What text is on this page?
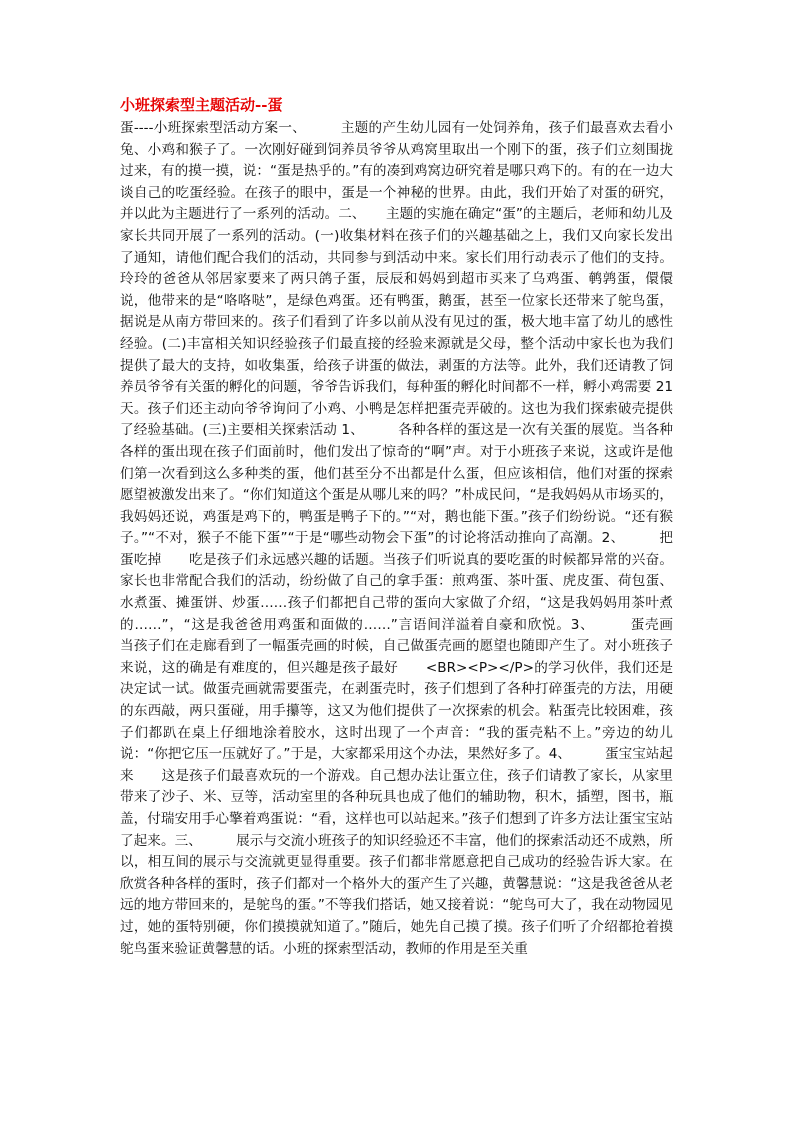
小班探索型主题活动--蛋

蛋----小班探索型活动方案一、　　　主题的产生幼儿园有一处饲养角，孩子们最喜欢去看小兔、小鸡和猴子了。一次刚好碰到饲养员爷爷从鸡窝里取出一个刚下的蛋，孩子们立刻围拢过来，有的摸一摸，说：“蛋是热乎的。”有的凑到鸡窝边研究着是哪只鸡下的。有的在一边大谈自己的吃蛋经验。在孩子的眼中，蛋是一个神秘的世界。由此，我们开始了对蛋的研究，并以此为主题进行了一系列的活动。二、　　主题的实施在确定“蛋”的主题后，老师和幼儿及家长共同开展了一系列的活动。(一)收集材料在孩子们的兴趣基础之上，我们又向家长发出了通知，请他们配合我们的活动，共同参与到活动中来。家长们用行动表示了他们的支持。玲玲的爸爸从邻居家要来了两只鸽子蛋，辰辰和妈妈到超市买来了乌鸡蛋、鹌鹑蛋，儇儇说，他带来的是“咯咯哒”，是绿色鸡蛋。还有鸭蛋，鹅蛋，甚至一位家长还带来了鸵鸟蛋，据说是从南方带回来的。孩子们看到了许多以前从没有见过的蛋，极大地丰富了幼儿的感性经验。(二)丰富相关知识经验孩子们最直接的经验来源就是父母，整个活动中家长也为我们提供了最大的支持，如收集蛋，给孩子讲蛋的做法，剥蛋的方法等。此外，我们还请教了饲养员爷爷有关蛋的孵化的问题，爷爷告诉我们，每种蛋的孵化时间都不一样，孵小鸡需要 21 天。孩子们还主动向爷爷询问了小鸡、小鸭是怎样把蛋壳弄破的。这也为我们探索破壳提供了经验基础。(三)主要相关探索活动 1、　　　各种各样的蛋这是一次有关蛋的展览。当各种各样的蛋出现在孩子们面前时，他们发出了惊奇的“啊”声。对于小班孩子来说，这或许是他们第一次看到这么多种类的蛋，他们甚至分不出都是什么蛋，但应该相信，他们对蛋的探索愿望被激发出来了。“你们知道这个蛋是从哪儿来的吗？”朴成民问，“是我妈妈从市场买的，我妈妈还说，鸡蛋是鸡下的，鸭蛋是鸭子下的。”“对，鹅也能下蛋。”孩子们纷纷说。“还有猴子。”“不对，猴子不能下蛋”“于是“哪些动物会下蛋”的讨论将活动推向了高潮。2、　　　把蛋吃掉　　吃是孩子们永远感兴趣的话题。当孩子们听说真的要吃蛋的时候都异常的兴奋。家长也非常配合我们的活动，纷纷做了自己的拿手蛋：煎鸡蛋、茶叶蛋、虎皮蛋、荷包蛋、水煮蛋、摊蛋饼、炒蛋……孩子们都把自己带的蛋向大家做了介绍，“这是我妈妈用茶叶煮的……”，“这是我爸爸用鸡蛋和面做的……”言语间洋溢着自豪和欣悦。3、　　　蛋壳画　　当孩子们在走廊看到了一幅蛋壳画的时候，自己做蛋壳画的愿望也随即产生了。对小班孩子来说，这的确是有难度的，但兴趣是孩子最好　　<BR><P></P>的学习伙伴，我们还是决定试一试。做蛋壳画就需要蛋壳，在剥蛋壳时，孩子们想到了各种打碎蛋壳的方法，用硬的东西敲，两只蛋碰，用手攥等，这又为他们提供了一次探索的机会。粘蛋壳比较困难，孩子们都趴在桌上仔细地涂着胶水，这时出现了一个声音：“我的蛋壳粘不上。”旁边的幼儿说：“你把它压一压就好了。”于是，大家都采用这个办法，果然好多了。4、　　　蛋宝宝站起来　　这是孩子们最喜欢玩的一个游戏。自己想办法让蛋立住，孩子们请教了家长，从家里带来了沙子、米、豆等，活动室里的各种玩具也成了他们的辅助物，积木，插塑，图书，瓶盖，付瑞安用手心擎着鸡蛋说：“看，这样也可以站起来。”孩子们想到了许多方法让蛋宝宝站了起来。三、　　　展示与交流小班孩子的知识经验还不丰富，他们的探索活动还不成熟，所以，相互间的展示与交流就更显得重要。孩子们都非常愿意把自己成功的经验告诉大家。在欣赏各种各样的蛋时，孩子们都对一个格外大的蛋产生了兴趣，黄馨慧说：“这是我爸爸从老远的地方带回来的，是鸵鸟的蛋。”不等我们搭话，她又接着说：“鸵鸟可大了，我在动物园见过，她的蛋特别硬，你们摸摸就知道了。”随后，她先自己摸了摸。孩子们听了介绍都抢着摸鸵鸟蛋来验证黄馨慧的话。小班的探索型活动，教师的作用是至关重
